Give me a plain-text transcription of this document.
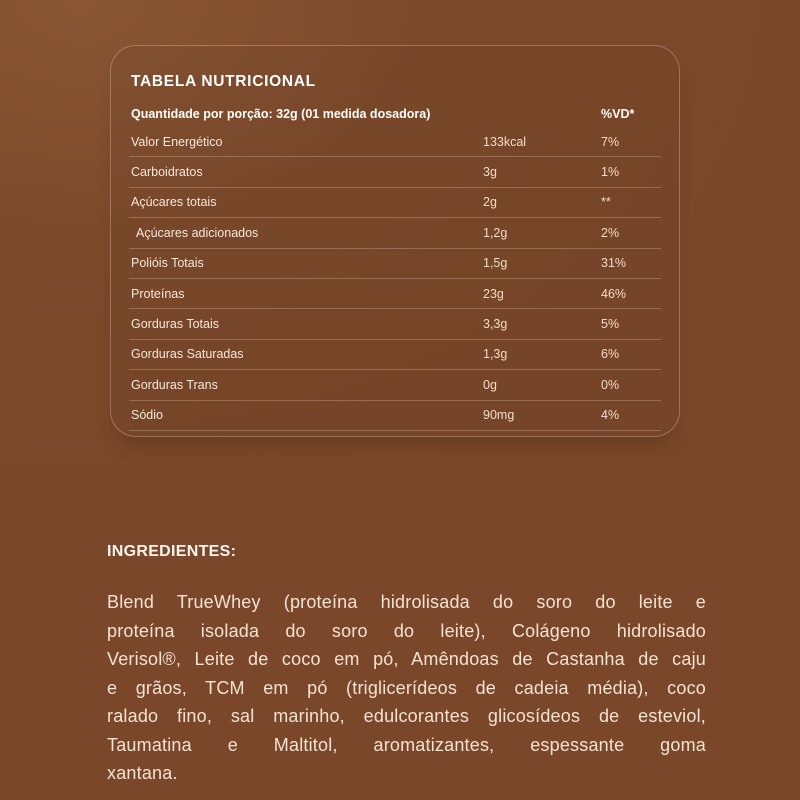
TABELA NUTRICIONAL
Quantidade por porção: 32g (01 medida dosadora)	%VD*
Valor Energético	133kcal	7%
Carboidratos	3g	1%
Açúcares totais	2g	**
Açúcares adicionados	1,2g	2%
Polióis Totais	1,5g	31%
Proteínas	23g	46%
Gorduras Totais	3,3g	5%
Gorduras Saturadas	1,3g	6%
Gorduras Trans	0g	0%
Sódio	90mg	4%
INGREDIENTES:
Blend TrueWhey (proteína hidrolisada do soro do leite e
proteína isolada do soro do leite), Colágeno hidrolisado
Verisol®, Leite de coco em pó, Amêndoas de Castanha de caju
e grãos, TCM em pó (triglicerídeos de cadeia média), coco
ralado fino, sal marinho, edulcorantes glicosídeos de esteviol,
Taumatina e Maltitol, aromatizantes, espessante goma
xantana.
